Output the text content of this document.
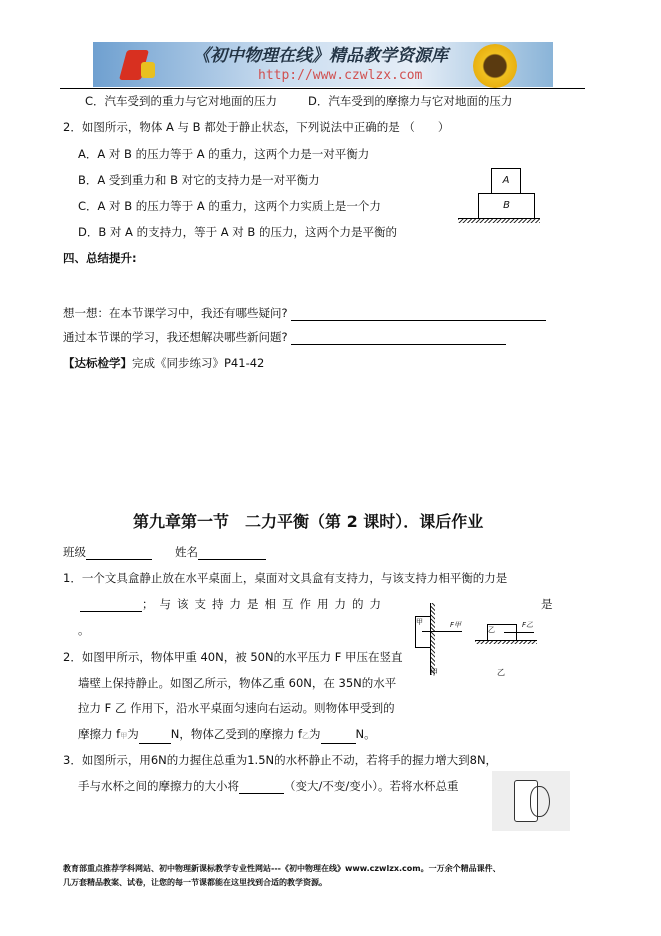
《初中物理在线》精品教学资源库
http://www.czwlzx.com
C．汽车受到的重力与它对地面的压力	D．汽车受到的摩擦力与它对地面的压力
2．如图所示，物体 A 与 B 都处于静止状态，下列说法中正确的是 （　　）
A．A 对 B 的压力等于 A 的重力，这两个力是一对平衡力
B．A 受到重力和 B 对它的支持力是一对平衡力
C．A 对 B 的压力等于 A 的重力，这两个力实质上是一个力
D．B 对 A 的支持力，等于 A 对 B 的压力，这两个力是平衡的
A
B
四、总结提升:
想一想：在本节课学习中，我还有哪些疑问?
通过本节课的学习，我还想解决哪些新问题?
【达标检学】完成《同步练习》P41-42
第九章第一节　二力平衡（第 2 课时）．课后作业
班级　　	姓名
1．一个文具盒静止放在水平桌面上，桌面对文具盒有支持力，与该支持力相平衡的力是
；与该支持力是相互作用力的力	是
。
甲	F甲
乙
F乙
甲	乙
2．如图甲所示，物体甲重 40N，被 50N的水平压力 F 甲压在竖直
墙壁上保持静止。如图乙所示，物体乙重 60N，在 35N的水平
拉力 F 乙 作用下，沿水平桌面匀速向右运动。则物体甲受到的
摩擦力 f甲为	N，物体乙受到的摩擦力 f乙为	N。
3．如图所示，用6N的力握住总重为1.5N的水杯静止不动，若将手的握力增大到8N，
手与水杯之间的摩擦力的大小将	（变大/不变/变小）。若将水杯总重
教育部重点推荐学科网站、初中物理新课标教学专业性网站---《初中物理在线》www.czwlzx.com。一万余个精品课件、
几万套精品教案、试卷，让您的每一节课都能在这里找到合适的教学资源。
